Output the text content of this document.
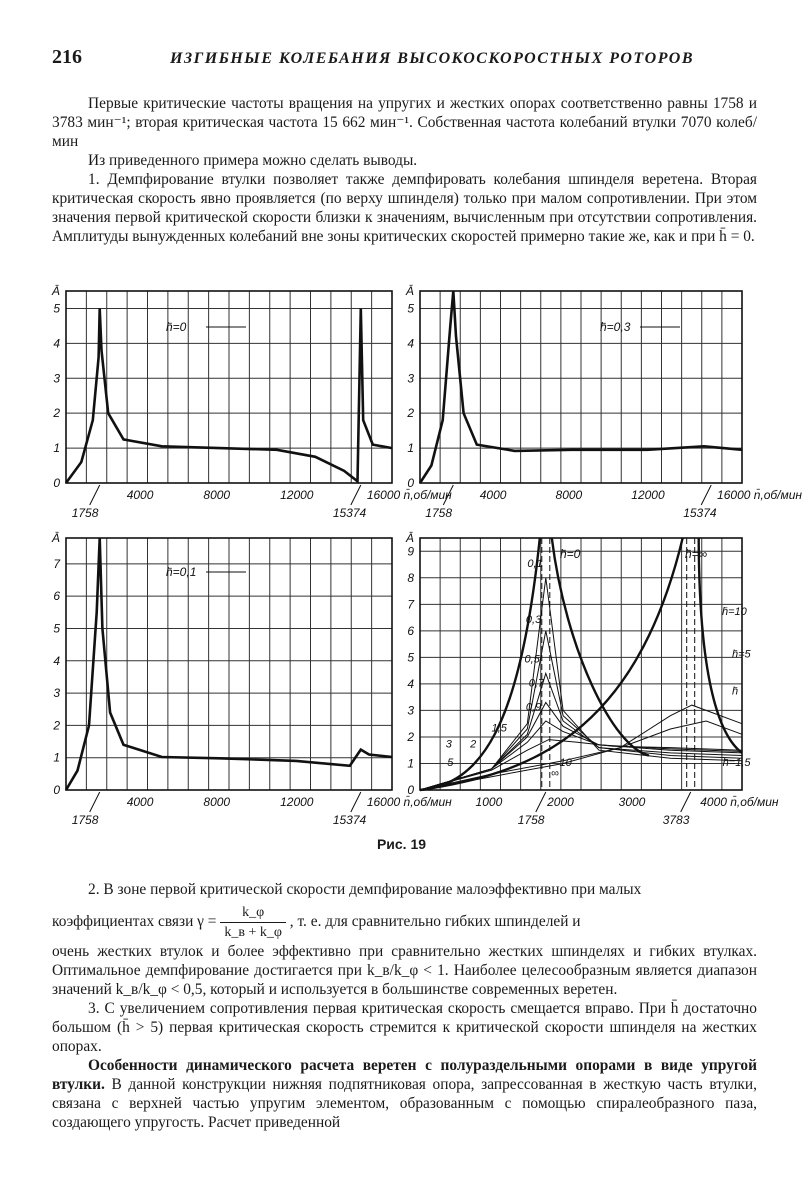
216	ИЗГИБНЫЕ КОЛЕБАНИЯ ВЫСОКОСКОРОСТНЫХ РОТОРОВ

Первые критические частоты вращения на упругих и жестких опорах соответственно равны 1758 и 3783 мин⁻¹; вторая критическая частота 15 662 мин⁻¹. Собственная частота колебаний втулки 7070 колеб/мин

Из приведенного примера можно сделать выводы.

1. Демпфирование втулки позволяет также демпфировать колебания шпинделя веретена. Вторая критическая скорость явно проявляется (по верху шпинделя) только при малом сопротивлении. При этом значения первой критической скорости близки к значениям, вычисленным при отсутствии сопротивления. Амплитуды вынужденных колебаний вне зоны критических скоростей примерно такие же, как и при h̄ = 0.

Ā
0
1
2
3
4
5
4000	8000	12000	16000 n̄,об/мин
1758	15374
h̄=0
Ā
0
1
2
3
4
5
4000	8000	12000	16000 n̄,об/мин
1758	15374
h̄=0,3
Ā
0
1
2
3
4
5
6
7
4000	8000	12000	16000 n̄,об/мин
1758	15374
h̄=0,1
Ā
0
1
2
3
4
5
6
7
8
9
1000	2000	3000	4000 n̄,об/мин
1758	3783
h̄=0	h̄=∞
0,1
0,3
0,5
0,7
0,9
1,5
3 2
5	10
∞
h̄=10
h̄=5
h̄
h̄=1,5
Рис. 19

2. В зоне первой критической скорости демпфирование малоэффективно при малых

коэффициентах связи $\gamma = \frac{k\_\varphi}{k\_в + k\_\varphi}$ , т. е. для сравнительно гибких шпинделей и

очень жестких втулок и более эффективно при сравнительно жестких шпинделях и гибких втулках. Оптимальное демпфирование достигается при k_в/k_φ < 1. Наиболее целесообразным является диапазон значений k_в/k_φ < 0,5, который и используется в большинстве современных веретен.

3. С увеличением сопротивления первая критическая скорость смещается вправо. При h̄ достаточно большом (h̄ > 5) первая критическая скорость стремится к критической скорости шпинделя на жестких опорах.

Особенности динамического расчета веретен с полураздельными опорами в виде упругой втулки. В данной конструкции нижняя подпятниковая опора, запрессованная в жесткую часть втулки, связана с верхней частью упругим элементом, образованным с помощью спиралеобразного паза, создающего упругость. Расчет приведенной
